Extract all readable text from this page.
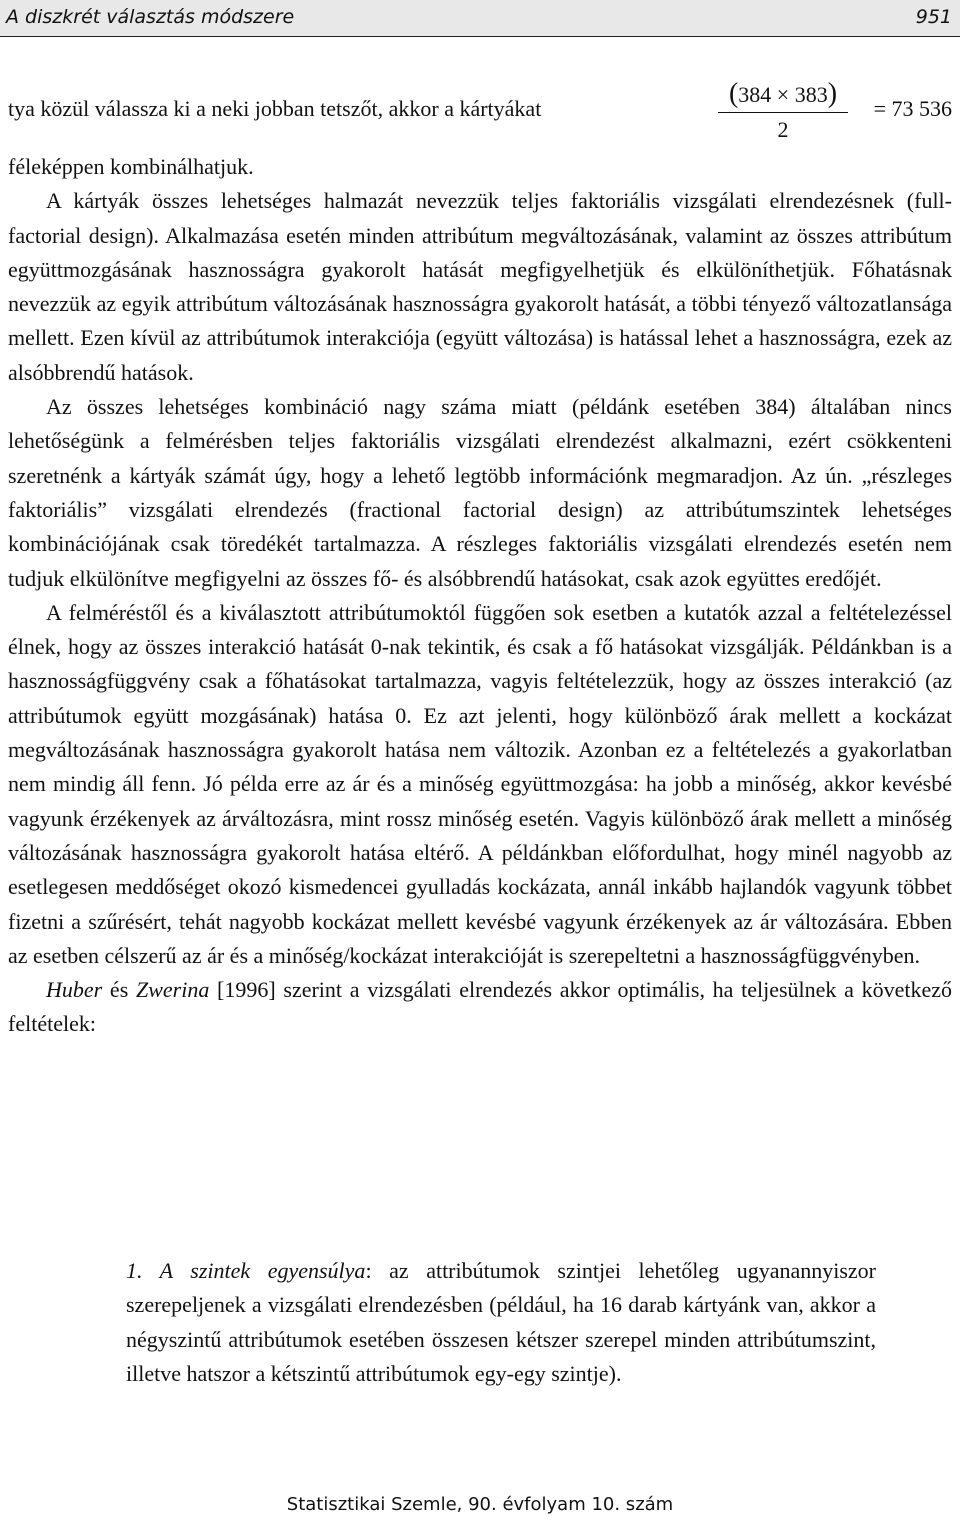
A diszkrét választás módszere	951
tya közül válassza ki a neki jobban tetszőt, akkor a kártyákat	$\frac{(384 \times 383)}{2} = 73$ 536

féleképpen kombinálhatjuk.

A kártyák összes lehetséges halmazát nevezzük teljes faktoriális vizsgálati elrendezésnek (full-factorial design). Alkalmazása esetén minden attribútum megváltozásának, valamint az összes attribútum együttmozgásának hasznosságra gyakorolt hatását megfigyelhetjük és elkülöníthetjük. Főhatásnak nevezzük az egyik attribútum változásának hasznosságra gyakorolt hatását, a többi tényező változatlansága mellett. Ezen kívül az attribútumok interakciója (együtt változása) is hatással lehet a hasznosságra, ezek az alsóbbrendű hatások.

Az összes lehetséges kombináció nagy száma miatt (példánk esetében 384) általában nincs lehetőségünk a felmérésben teljes faktoriális vizsgálati elrendezést alkalmazni, ezért csökkenteni szeretnénk a kártyák számát úgy, hogy a lehető legtöbb információnk megmaradjon. Az ún. „részleges faktoriális” vizsgálati elrendezés (fractional factorial design) az attribútumszintek lehetséges kombinációjának csak töredékét tartalmazza. A részleges faktoriális vizsgálati elrendezés esetén nem tudjuk elkülönítve megfigyelni az összes fő- és alsóbbrendű hatásokat, csak azok együttes eredőjét.

A felméréstől és a kiválasztott attribútumoktól függően sok esetben a kutatók azzal a feltételezéssel élnek, hogy az összes interakció hatását 0-nak tekintik, és csak a fő hatásokat vizsgálják. Példánkban is a hasznosságfüggvény csak a főhatásokat tartalmazza, vagyis feltételezzük, hogy az összes interakció (az attribútumok együtt mozgásának) hatása 0. Ez azt jelenti, hogy különböző árak mellett a kockázat megváltozásának hasznosságra gyakorolt hatása nem változik. Azonban ez a feltételezés a gyakorlatban nem mindig áll fenn. Jó példa erre az ár és a minőség együttmozgása: ha jobb a minőség, akkor kevésbé vagyunk érzékenyek az árváltozásra, mint rossz minőség esetén. Vagyis különböző árak mellett a minőség változásának hasznosságra gyakorolt hatása eltérő. A példánkban előfordulhat, hogy minél nagyobb az esetlegesen meddőséget okozó kismedencei gyulladás kockázata, annál inkább hajlandók vagyunk többet fizetni a szűrésért, tehát nagyobb kockázat mellett kevésbé vagyunk érzékenyek az ár változására. Ebben az esetben célszerű az ár és a minőség/kockázat interakcióját is szerepeltetni a hasznosságfüggvényben.

Huber és Zwerina [1996] szerint a vizsgálati elrendezés akkor optimális, ha teljesülnek a következő feltételek:

1. A szintek egyensúlya: az attribútumok szintjei lehetőleg ugyanannyiszor szerepeljenek a vizsgálati elrendezésben (például, ha 16 darab kártyánk van, akkor a négyszintű attribútumok esetében összesen kétszer szerepel minden attribútumszint, illetve hatszor a kétszintű attribútumok egy-egy szintje).
Statisztikai Szemle, 90. évfolyam 10. szám
